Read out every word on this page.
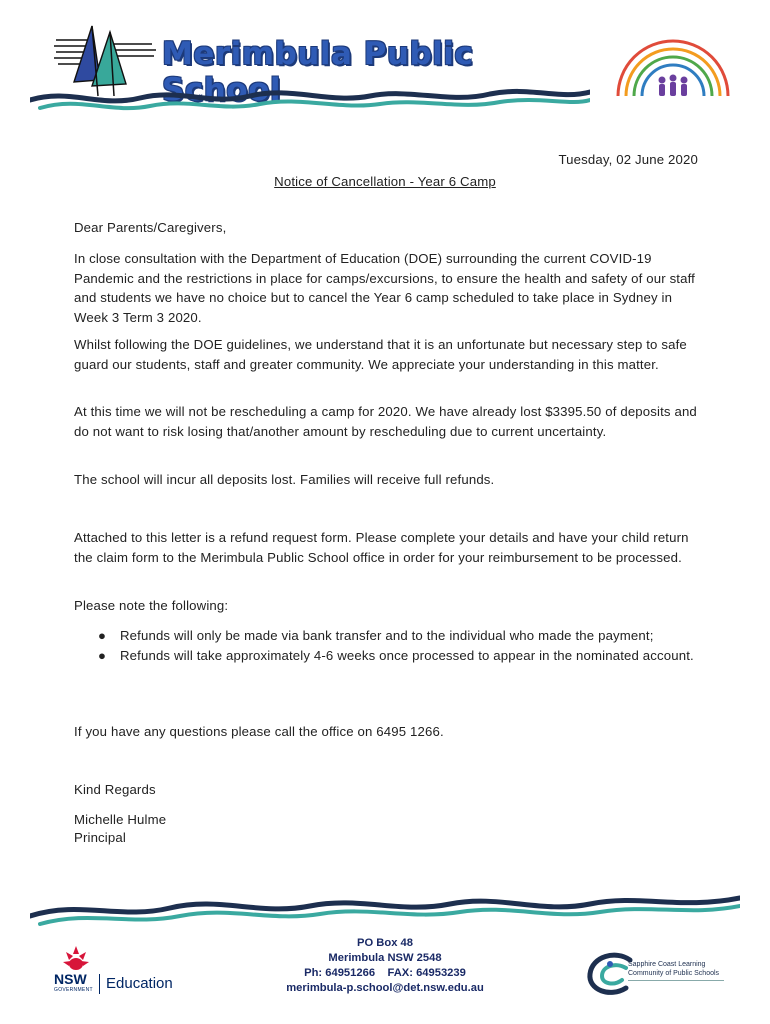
Merimbula Public School
Tuesday, 02 June 2020
Notice of Cancellation - Year 6 Camp
Dear Parents/Caregivers,
In close consultation with the Department of Education (DOE) surrounding the current COVID-19 Pandemic and the restrictions in place for camps/excursions, to ensure the health and safety of our staff and students we have no choice but to cancel the Year 6 camp scheduled to take place in Sydney in Week 3 Term 3 2020.
Whilst following the DOE guidelines, we understand that it is an unfortunate but necessary step to safe guard our students, staff and greater community. We appreciate your understanding in this matter.
At this time we will not be rescheduling a camp for 2020. We have already lost $3395.50 of deposits and do not want to risk losing that/another amount by rescheduling due to current uncertainty.
The school will incur all deposits lost. Families will receive full refunds.
Attached to this letter is a refund request form. Please complete your details and have your child return the claim form to the Merimbula Public School office in order for your reimbursement to be processed.
Please note the following:
● Refunds will only be made via bank transfer and to the individual who made the payment;
● Refunds will take approximately 4-6 weeks once processed to appear in the nominated account.
If you have any questions please call the office on 6495 1266.
Kind Regards
Michelle Hulme
Principal
NSW
GOVERNMENT Education
PO Box 48
Merimbula NSW 2548
Ph: 64951266    FAX: 64953239
merimbula-p.school@det.nsw.edu.au
Sapphire Coast Learning
Community of Public Schools
